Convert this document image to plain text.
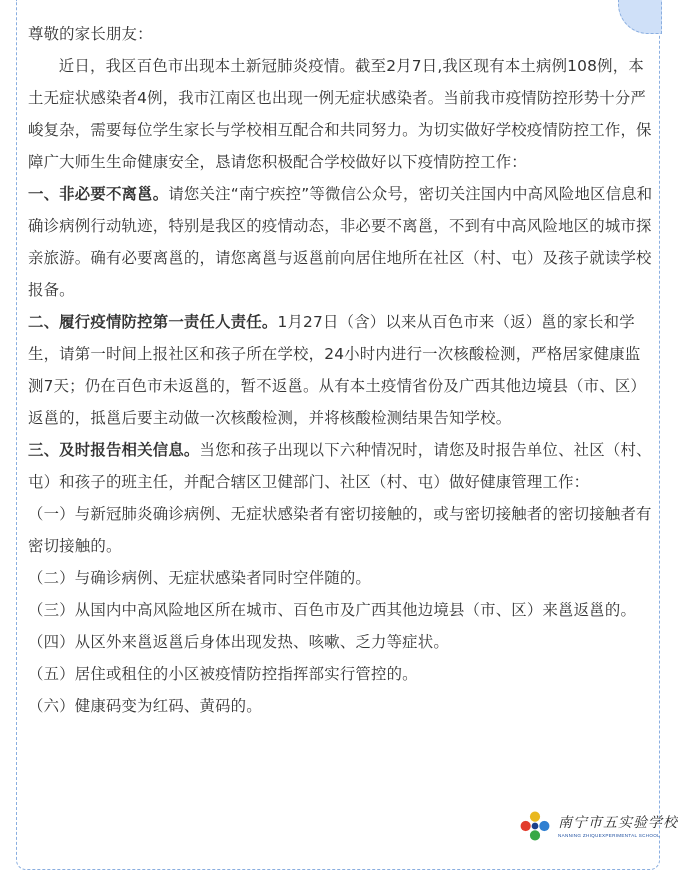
尊敬的家长朋友：

近日，我区百色市出现本土新冠肺炎疫情。截至2月7日,我区现有本土病例108例，本土无症状感染者4例，我市江南区也出现一例无症状感染者。当前我市疫情防控形势十分严峻复杂，需要每位学生家长与学校相互配合和共同努力。为切实做好学校疫情防控工作，保障广大师生生命健康安全，恳请您积极配合学校做好以下疫情防控工作：

一、非必要不离邕。请您关注“南宁疾控”等微信公众号，密切关注国内中高风险地区信息和确诊病例行动轨迹，特别是我区的疫情动态，非必要不离邕，不到有中高风险地区的城市探亲旅游。确有必要离邕的，请您离邕与返邕前向居住地所在社区（村、屯）及孩子就读学校报备。

二、履行疫情防控第一责任人责任。1月27日（含）以来从百色市来（返）邕的家长和学生，请第一时间上报社区和孩子所在学校，24小时内进行一次核酸检测，严格居家健康监测7天；仍在百色市未返邕的，暂不返邕。从有本土疫情省份及广西其他边境县（市、区）返邕的，抵邕后要主动做一次核酸检测，并将核酸检测结果告知学校。

三、及时报告相关信息。当您和孩子出现以下六种情况时，请您及时报告单位、社区（村、屯）和孩子的班主任，并配合辖区卫健部门、社区（村、屯）做好健康管理工作：

（一）与新冠肺炎确诊病例、无症状感染者有密切接触的，或与密切接触者的密切接触者有密切接触的。

（二）与确诊病例、无症状感染者同时空伴随的。

（三）从国内中高风险地区所在城市、百色市及广西其他边境县（市、区）来邕返邕的。

（四）从区外来邕返邕后身体出现发热、咳嗽、乏力等症状。

（五）居住或租住的小区被疫情防控指挥部实行管控的。

（六）健康码变为红码、黄码的。

南宁市五实验学校
NANNING ZHIQUEXPERIMENTAL SCHOOL
